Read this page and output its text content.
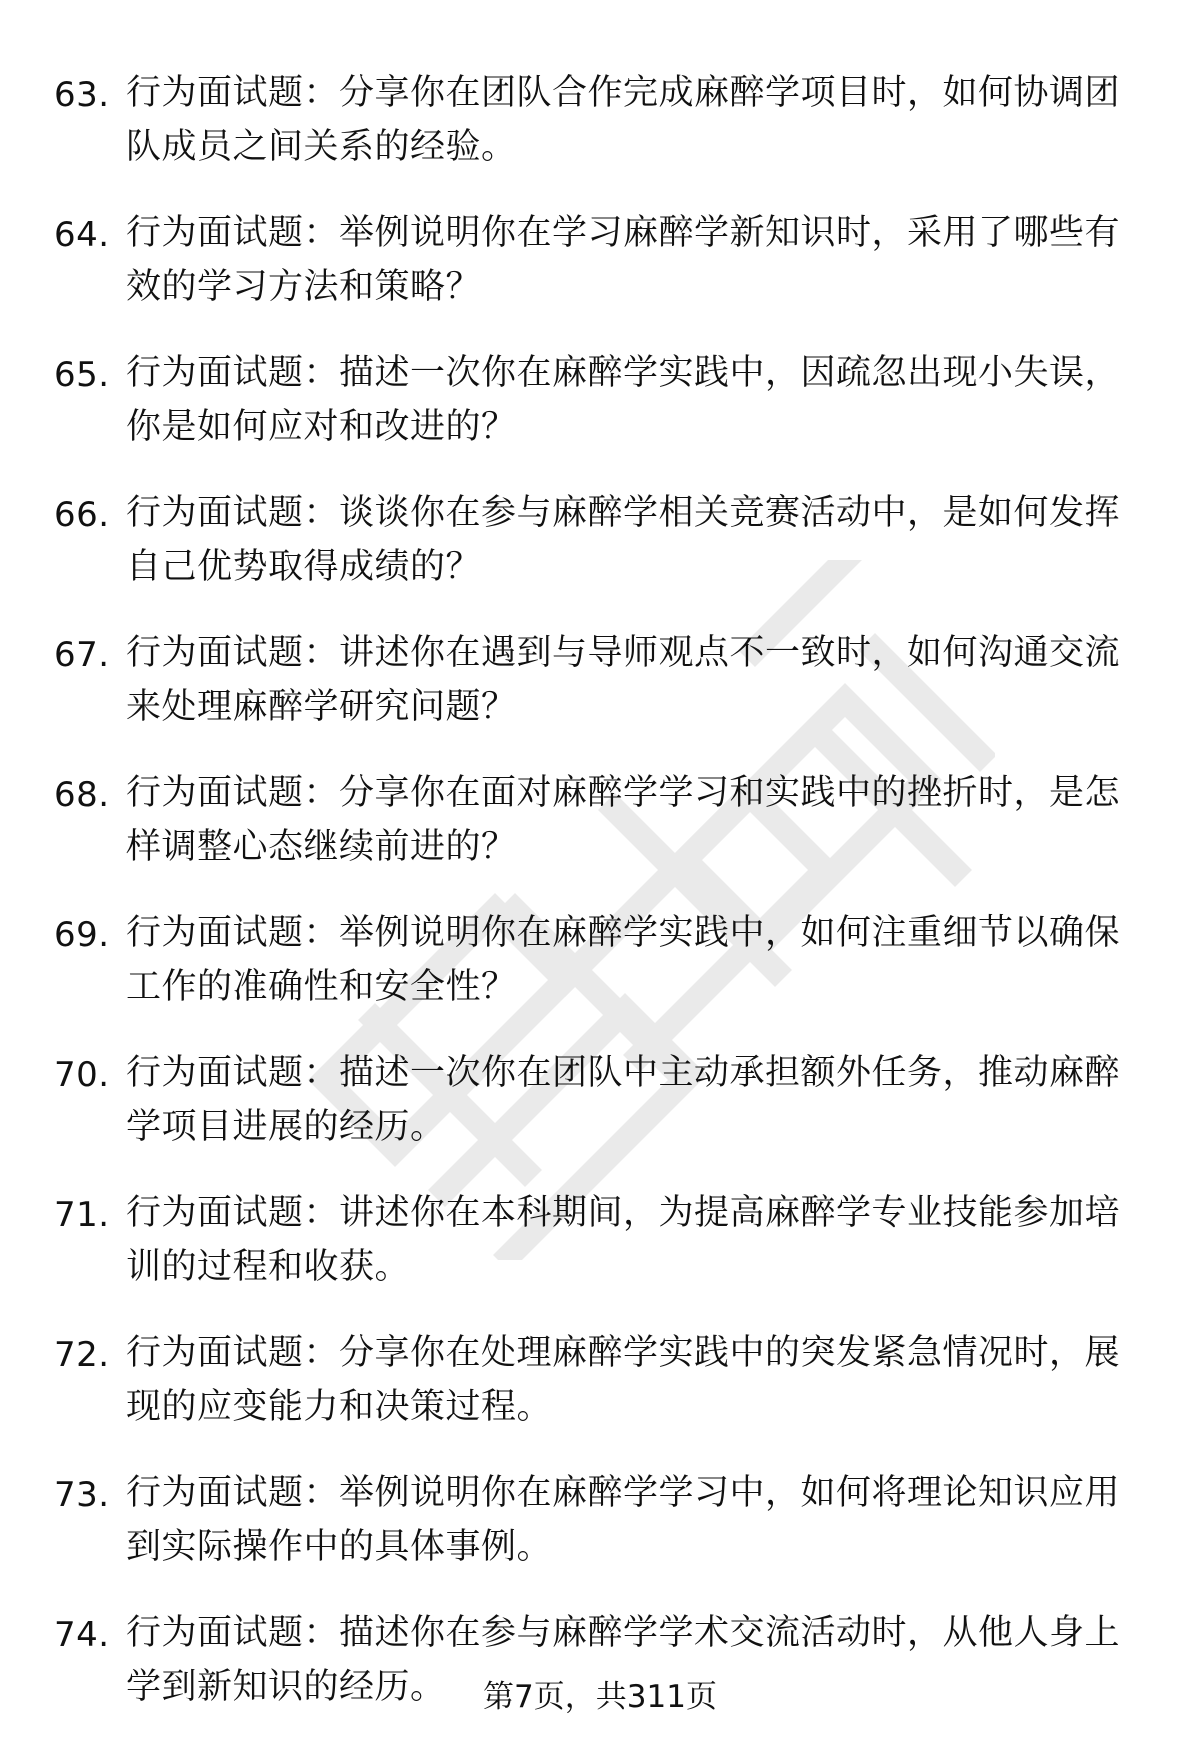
63. 行为面试题：分享你在团队合作完成麻醉学项目时，如何协调团队成员之间关系的经验。
64. 行为面试题：举例说明你在学习麻醉学新知识时，采用了哪些有效的学习方法和策略？
65. 行为面试题：描述一次你在麻醉学实践中，因疏忽出现小失误，你是如何应对和改进的？
66. 行为面试题：谈谈你在参与麻醉学相关竞赛活动中，是如何发挥自己优势取得成绩的？
67. 行为面试题：讲述你在遇到与导师观点不一致时，如何沟通交流来处理麻醉学研究问题？
68. 行为面试题：分享你在面对麻醉学学习和实践中的挫折时，是怎样调整心态继续前进的？
69. 行为面试题：举例说明你在麻醉学实践中，如何注重细节以确保工作的准确性和安全性？
70. 行为面试题：描述一次你在团队中主动承担额外任务，推动麻醉学项目进展的经历。
71. 行为面试题：讲述你在本科期间，为提高麻醉学专业技能参加培训的过程和收获。
72. 行为面试题：分享你在处理麻醉学实践中的突发紧急情况时，展现的应变能力和决策过程。
73. 行为面试题：举例说明你在麻醉学学习中，如何将理论知识应用到实际操作中的具体事例。
74. 行为面试题：描述你在参与麻醉学学术交流活动时，从他人身上学到新知识的经历。	第7页，共311页
